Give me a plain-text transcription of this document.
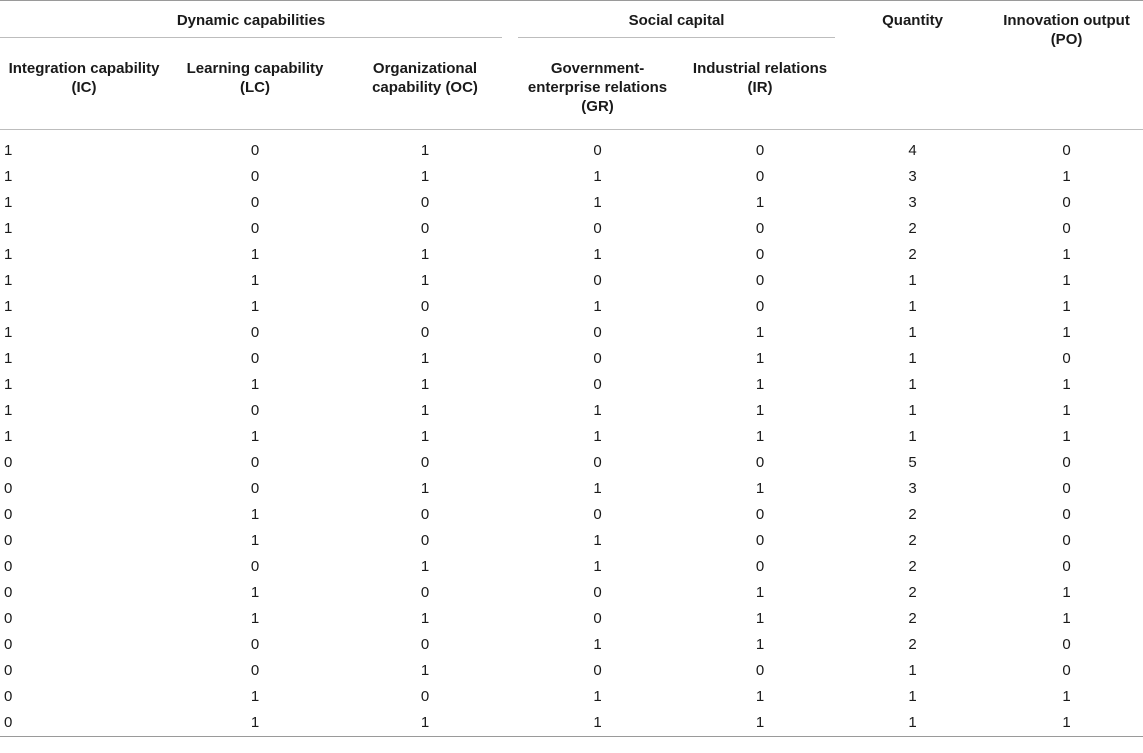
Dynamic capabilities			Social capital		Quantity	Innovation output (PO)
Integration capability (IC)	Learning capability (LC)	Organizational capability (OC)	Government-enterprise relations (GR)	Industrial relations (IR)		

1	0	1	0	0	4	0
1	0	1	1	0	3	1
1	0	0	1	1	3	0
1	0	0	0	0	2	0
1	1	1	1	0	2	1
1	1	1	0	0	1	1
1	1	0	1	0	1	1
1	0	0	0	1	1	1
1	0	1	0	1	1	0
1	1	1	0	1	1	1
1	0	1	1	1	1	1
1	1	1	1	1	1	1
0	0	0	0	0	5	0
0	0	1	1	1	3	0
0	1	0	0	0	2	0
0	1	0	1	0	2	0
0	0	1	1	0	2	0
0	1	0	0	1	2	1
0	1	1	0	1	2	1
0	0	0	1	1	2	0
0	0	1	0	0	1	0
0	1	0	1	1	1	1
0	1	1	1	1	1	1
